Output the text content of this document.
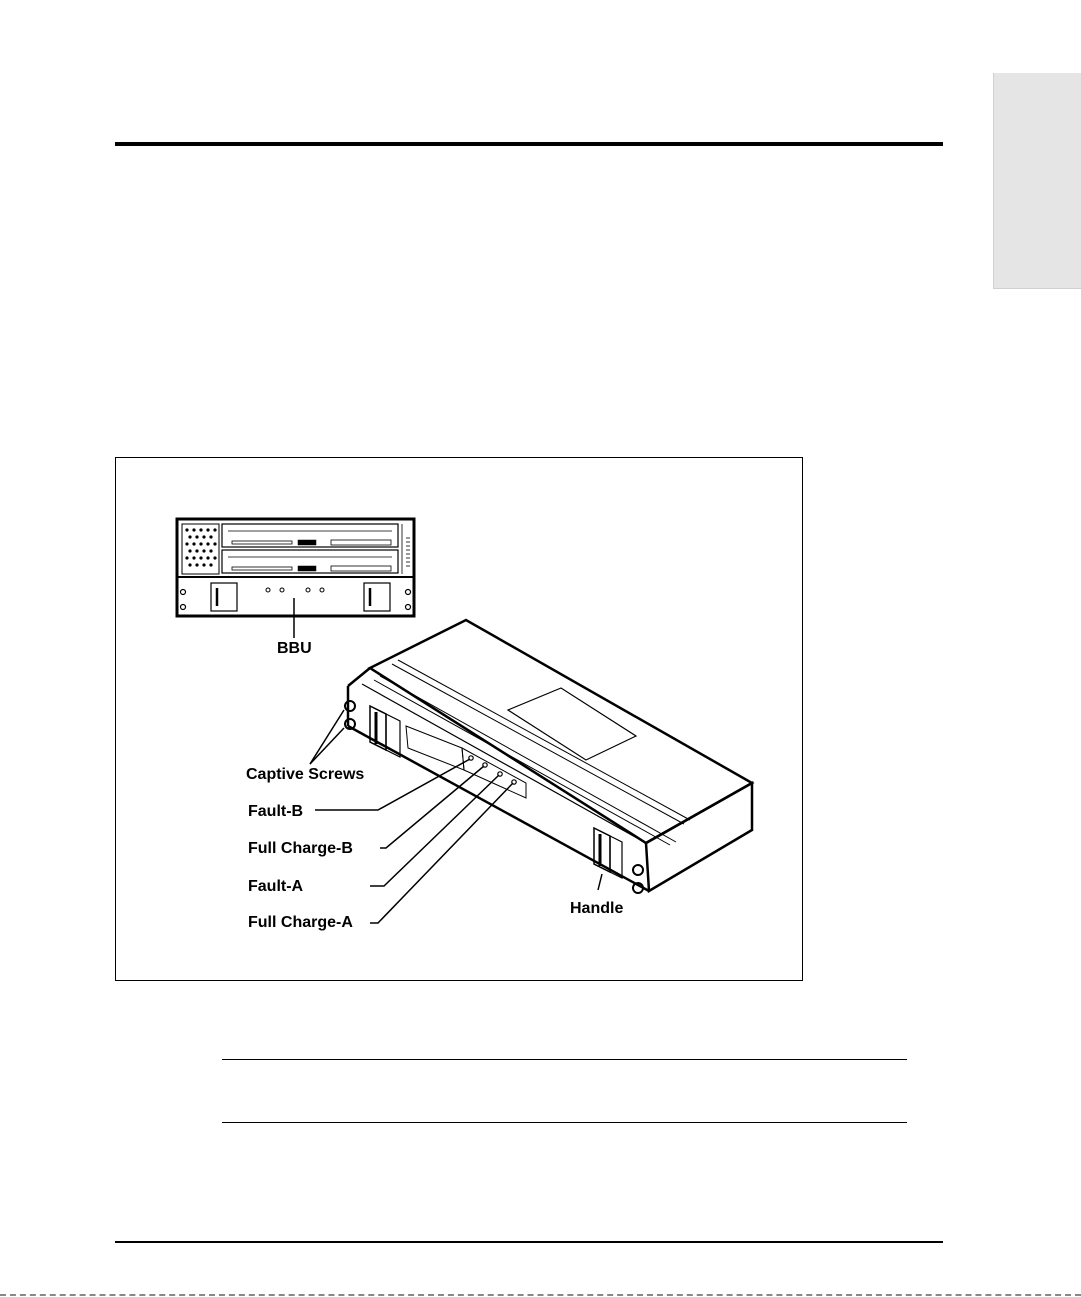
BBU
Captive Screws
Fault-B
Full Charge-B
Fault-A
Full Charge-A
Handle
